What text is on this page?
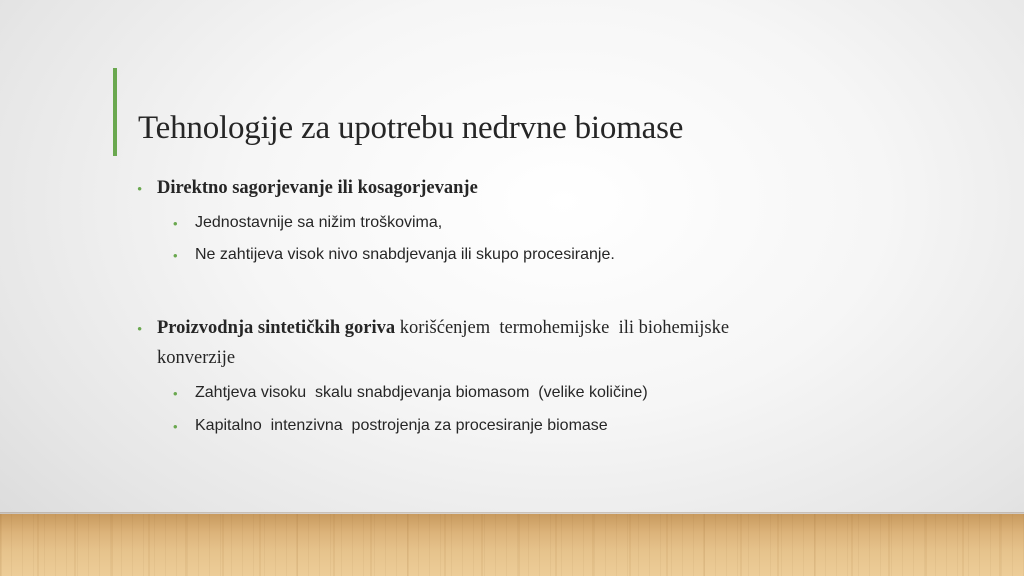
Tehnologije za upotrebu nedrvne biomase
• Direktno sagorjevanje ili kosagorjevanje
• Jednostavnije sa nižim troškovima,
• Ne zahtijeva visok nivo snabdjevanja ili skupo procesiranje.
• Proizvodnja sintetičkih goriva korišćenjem  termohemijske  ili biohemijske
konverzije
• Zahtjeva visoku  skalu snabdjevanja biomasom  (velike količine)
• Kapitalno  intenzivna  postrojenja za procesiranje biomase
